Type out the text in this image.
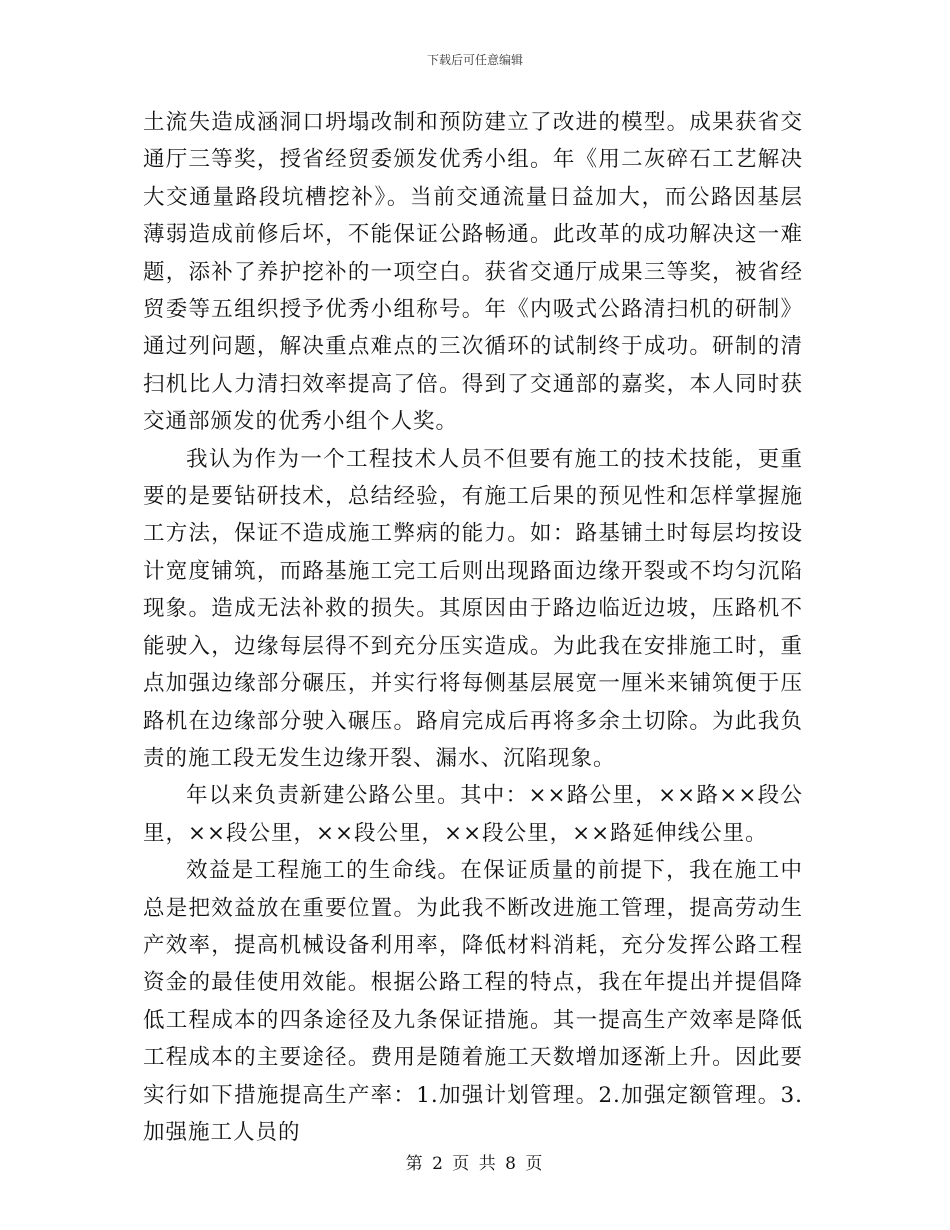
下载后可任意编辑

土流失造成涵洞口坍塌改制和预防建立了改进的模型。成果获省交通厅三等奖，授省经贸委颁发优秀小组。年《用二灰碎石工艺解决大交通量路段坑槽挖补》。当前交通流量日益加大，而公路因基层薄弱造成前修后坏，不能保证公路畅通。此改革的成功解决这一难题，添补了养护挖补的一项空白。获省交通厅成果三等奖，被省经贸委等五组织授予优秀小组称号。年《内吸式公路清扫机的研制》通过列问题，解决重点难点的三次循环的试制终于成功。研制的清扫机比人力清扫效率提高了倍。得到了交通部的嘉奖，本人同时获交通部颁发的优秀小组个人奖。

我认为作为一个工程技术人员不但要有施工的技术技能，更重要的是要钻研技术，总结经验，有施工后果的预见性和怎样掌握施工方法，保证不造成施工弊病的能力。如：路基铺土时每层均按设计宽度铺筑，而路基施工完工后则出现路面边缘开裂或不均匀沉陷现象。造成无法补救的损失。其原因由于路边临近边坡，压路机不能驶入，边缘每层得不到充分压实造成。为此我在安排施工时，重点加强边缘部分碾压，并实行将每侧基层展宽一厘米来铺筑便于压路机在边缘部分驶入碾压。路肩完成后再将多余土切除。为此我负责的施工段无发生边缘开裂、漏水、沉陷现象。

年以来负责新建公路公里。其中：××路公里，××路××段公里，××段公里，××段公里，××段公里，××路延伸线公里。

效益是工程施工的生命线。在保证质量的前提下，我在施工中总是把效益放在重要位置。为此我不断改进施工管理，提高劳动生产效率，提高机械设备利用率，降低材料消耗，充分发挥公路工程资金的最佳使用效能。根据公路工程的特点，我在年提出并提倡降低工程成本的四条途径及九条保证措施。其一提高生产效率是降低工程成本的主要途径。费用是随着施工天数增加逐渐上升。因此要实行如下措施提高生产率：1.加强计划管理。2.加强定额管理。3.加强施工人员的

第 2 页 共 8 页
